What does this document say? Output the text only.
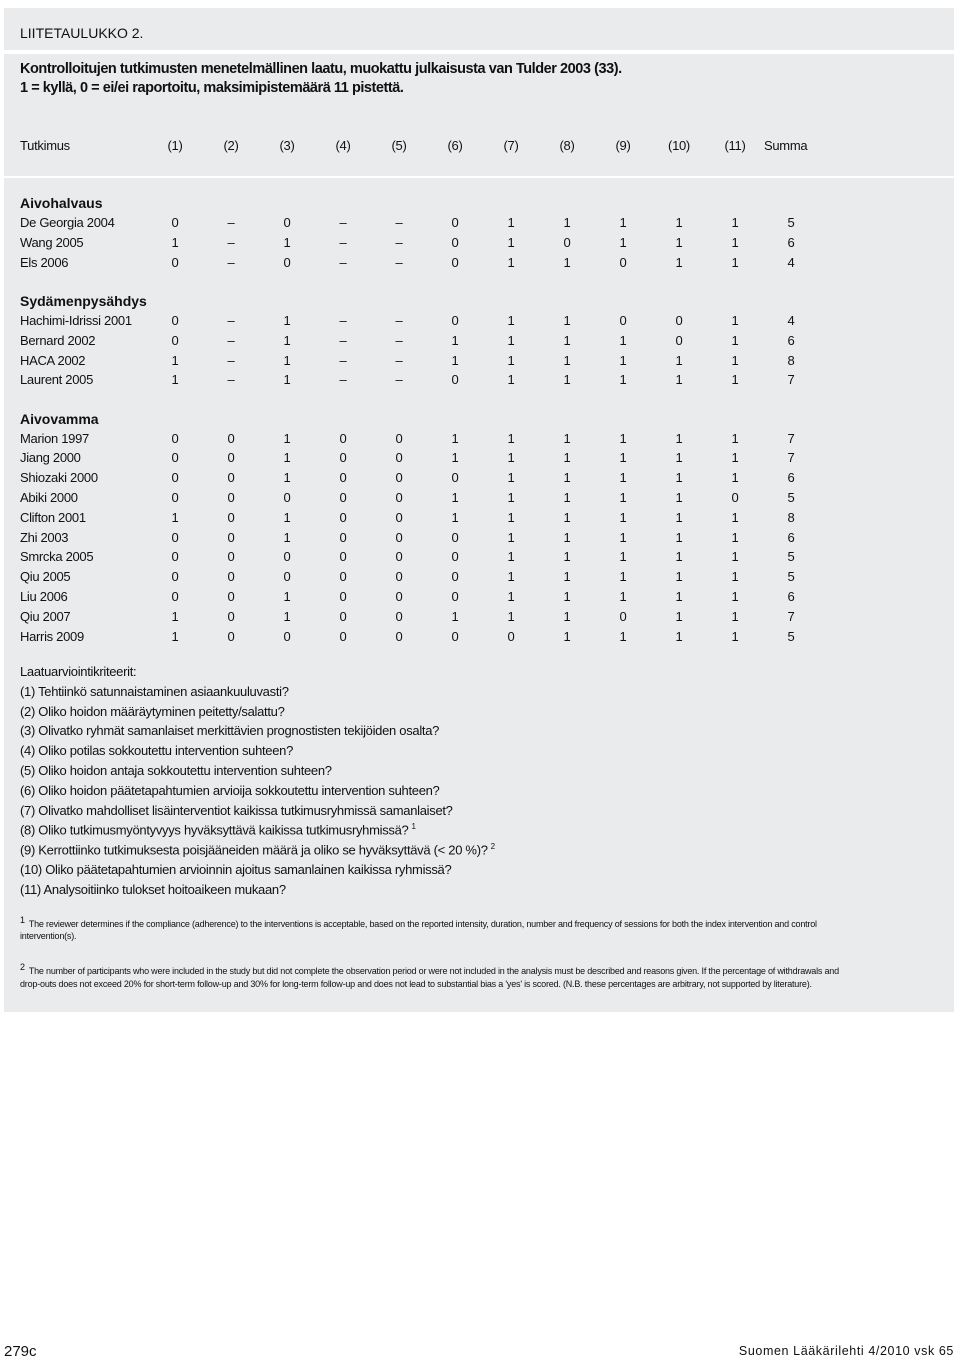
LIITETAULUKKO 2.
Kontrolloitujen tutkimusten menetelmällinen laatu, muokattu julkaisusta van Tulder 2003 (33).
1 = kyllä, 0 = ei/ei raportoitu, maksimipistemäärä 11 pistettä.
Tutkimus	(1)	(2)	(3)	(4)	(5)	(6)	(7)	(8)	(9)	(10)	(11) Summa
Aivohalvaus
De Georgia 2004	0	–	0	–	–	0	1	1	1	1	1	5
Wang 2005	1	–	1	–	–	0	1	0	1	1	1	6
Els 2006	0	–	0	–	–	0	1	1	0	1	1	4
Sydämenpysähdys
Hachimi-Idrissi 2001	0	–	1	–	–	0	1	1	0	0	1	4
Bernard 2002	0	–	1	–	–	1	1	1	1	0	1	6
HACA 2002	1	–	1	–	–	1	1	1	1	1	1	8
Laurent 2005	1	–	1	–	–	0	1	1	1	1	1	7
Aivovamma
Marion 1997	0	0	1	0	0	1	1	1	1	1	1	7
Jiang 2000	0	0	1	0	0	1	1	1	1	1	1	7
Shiozaki 2000	0	0	1	0	0	0	1	1	1	1	1	6
Abiki 2000	0	0	0	0	0	1	1	1	1	1	0	5
Clifton 2001	1	0	1	0	0	1	1	1	1	1	1	8
Zhi 2003	0	0	1	0	0	0	1	1	1	1	1	6
Smrcka 2005	0	0	0	0	0	0	1	1	1	1	1	5
Qiu 2005	0	0	0	0	0	0	1	1	1	1	1	5
Liu 2006	0	0	1	0	0	0	1	1	1	1	1	6
Qiu 2007	1	0	1	0	0	1	1	1	0	1	1	7
Harris 2009	1	0	0	0	0	0	0	1	1	1	1	5
Laatuarviointikriteerit:
(1) Tehtiinkö satunnaistaminen asiaankuuluvasti?
(2) Oliko hoidon määräytyminen peitetty/salattu?
(3) Olivatko ryhmät samanlaiset merkittävien prognostisten tekijöiden osalta?
(4) Oliko potilas sokkoutettu intervention suhteen?
(5) Oliko hoidon antaja sokkoutettu intervention suhteen?
(6) Oliko hoidon päätetapahtumien arvioija sokkoutettu intervention suhteen?
(7) Olivatko mahdolliset lisäinterventiot kaikissa tutkimusryhmissä samanlaiset?
(8) Oliko tutkimusmyöntyvyys hyväksyttävä kaikissa tutkimusryhmissä? $^1$
(9) Kerrottiinko tutkimuksesta poisjääneiden määrä ja oliko se hyväksyttävä (< 20 %)? $^2$
(10) Oliko päätetapahtumien arvioinnin ajoitus samanlainen kaikissa ryhmissä?
(11) Analysoitiinko tulokset hoitoaikeen mukaan?
1 The reviewer determines if the compliance (adherence) to the interventions is acceptable, based on the reported intensity, duration, number and frequency of sessions for both the index intervention and control
intervention(s).
2 The number of participants who were included in the study but did not complete the observation period or were not included in the analysis must be described and reasons given. If the percentage of withdrawals and
drop-outs does not exceed 20% for short-term follow-up and 30% for long-term follow-up and does not lead to substantial bias a 'yes' is scored. (N.B. these percentages are arbitrary, not supported by literature).
279c	Suomen Lääkärilehti 4/2010 vsk 65
